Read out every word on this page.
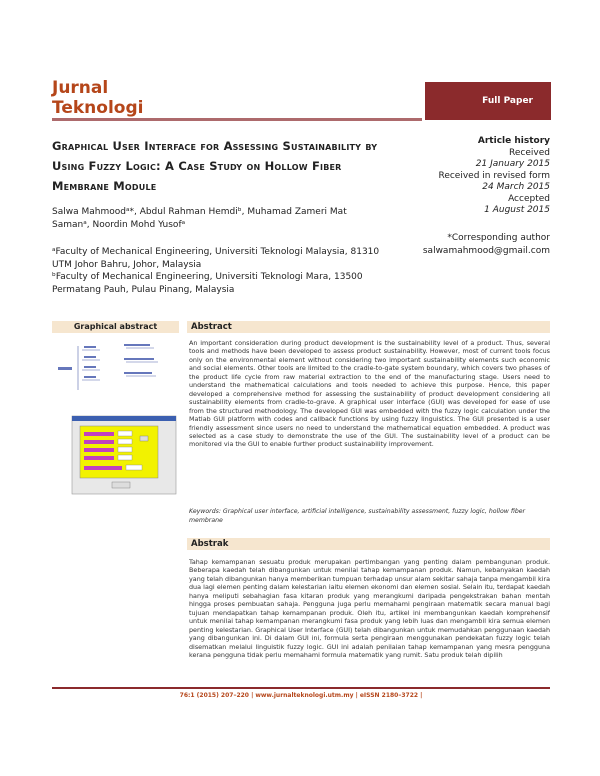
Jurnal
Teknologi	Full Paper
Graphical User Interface for Assessing Sustainability by Using Fuzzy Logic: A Case Study on Hollow Fiber Membrane Module
Article history
Received
21 January 2015
Received in revised form
24 March 2015
Accepted
1 August 2015
Salwa Mahmoodᵃ*, Abdul Rahman Hemdiᵇ, Muhamad Zameri Mat Samanᵃ, Noordin Mohd Yusofᵃ
ᵃFaculty of Mechanical Engineering, Universiti Teknologi Malaysia, 81310 UTM Johor Bahru, Johor, Malaysia
ᵇFaculty of Mechanical Engineering, Universiti Teknologi Mara, 13500 Permatang Pauh, Pulau Pinang, Malaysia
*Corresponding author
salwamahmood@gmail.com
Graphical abstract	Abstract
An important consideration during product development is the sustainability level of a product. Thus, several tools and methods have been developed to assess product sustainability. However, most of current tools focus only on the environmental element without considering two important sustainability elements such economic and social elements. Other tools are limited to the cradle-to-gate system boundary, which covers two phases of the product life cycle from raw material extraction to the end of the manufacturing stage. Users need to understand the mathematical calculations and tools needed to achieve this purpose. Hence, this paper developed a comprehensive method for assessing the sustainability of product development considering all sustainability elements from cradle-to-grave. A graphical user interface (GUI) was developed for ease of use from the structured methodology. The developed GUI was embedded with the fuzzy logic calculation under the Matlab GUI platform with codes and callback functions by using fuzzy linguistics. The GUI presented is a user friendly assessment since users no need to understand the mathematical equation embedded. A product was selected as a case study to demonstrate the use of the GUI. The sustainability level of a product can be monitored via the GUI to enable further product sustainability improvement.
Keywords: Graphical user interface, artificial intelligence, sustainability assessment, fuzzy logic, hollow fiber membrane
Abstrak
Tahap kemampanan sesuatu produk merupakan pertimbangan yang penting dalam pembangunan produk. Beberapa kaedah telah dibangunkan untuk menilai tahap kemampanan produk. Namun, kebanyakan kaedah yang telah dibangunkan hanya memberikan tumpuan terhadap unsur alam sekitar sahaja tanpa mengambil kira dua lagi elemen penting dalam kelestarian iaitu elemen ekonomi dan elemen sosial. Selain itu, terdapat kaedah hanya meliputi sebahagian fasa kitaran produk yang merangkumi daripada pengekstrakan bahan mentah hingga proses pembuatan sahaja. Pengguna juga perlu memahami pengiraan matematik secara manual bagi tujuan mendapatkan tahap kemampanan produk. Oleh itu, artikel ini membangunkan kaedah komprehensif untuk menilai tahap kemampanan merangkumi fasa produk yang lebih luas dan mengambil kira semua elemen penting kelestarian. Graphical User Interface (GUI) telah dibangunkan untuk memudahkan penggunaan kaedah yang dibangunkan ini. Di dalam GUI ini, formula serta pengiraan menggunakan pendekatan fuzzy logic telah disematkan melalui linguistik fuzzy logic. GUI ini adalah penilaian tahap kemampanan yang mesra pengguna kerana pengguna tidak perlu memahami formula matematik yang rumit. Satu produk telah dipilih
76:1 (2015) 207–220 | www.jurnalteknologi.utm.my | eISSN 2180–3722 |
